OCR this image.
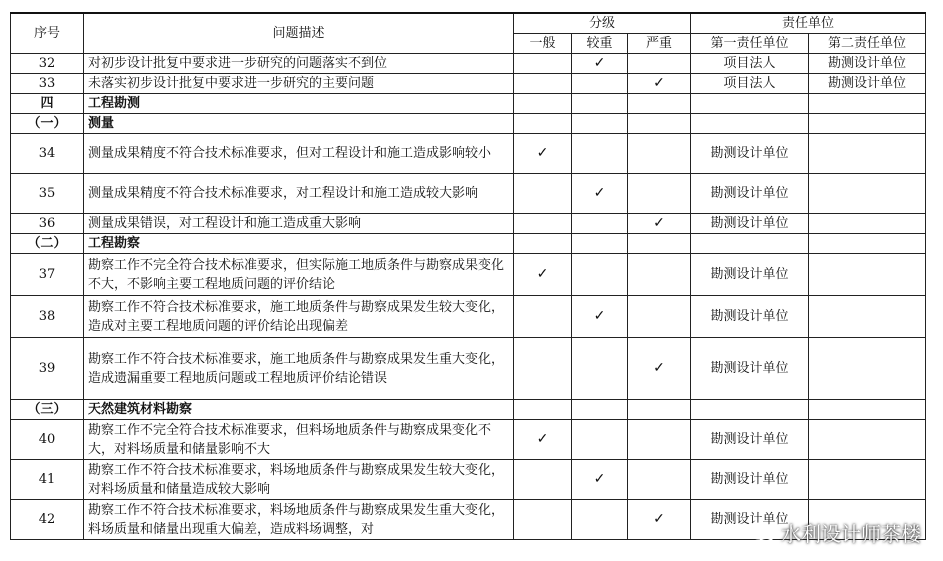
序号	问题描述	分级			责任单位	
		一般	较重	严重	第一责任单位	第二责任单位
32	对初步设计批复中要求进一步研究的问题落实不到位		✓		项目法人	勘测设计单位
33	未落实初步设计批复中要求进一步研究的主要问题			✓	项目法人	勘测设计单位
四	工程勘测					
（一）	测量					
34	测量成果精度不符合技术标准要求，但对工程设计和施工造成影响较小	✓			勘测设计单位	
35	测量成果精度不符合技术标准要求，对工程设计和施工造成较大影响		✓		勘测设计单位	
36	测量成果错误，对工程设计和施工造成重大影响			✓	勘测设计单位	
（二）	工程勘察					
37	勘察工作不完全符合技术标准要求，但实际施工地质条件与勘察成果变化不大，不影响主要工程地质问题的评价结论	✓			勘测设计单位	
38	勘察工作不符合技术标准要求，施工地质条件与勘察成果发生较大变化，造成对主要工程地质问题的评价结论出现偏差		✓		勘测设计单位	
39	勘察工作不符合技术标准要求，施工地质条件与勘察成果发生重大变化，造成遗漏重要工程地质问题或工程地质评价结论错误			✓	勘测设计单位	
（三）	天然建筑材料勘察					
40	勘察工作不完全符合技术标准要求，但料场地质条件与勘察成果变化不大，对料场质量和储量影响不大	✓			勘测设计单位	
41	勘察工作不符合技术标准要求，料场地质条件与勘察成果发生较大变化，对料场质量和储量造成较大影响		✓		勘测设计单位	
42	勘察工作不符合技术标准要求，料场地质条件与勘察成果发生重大变化，料场质量和储量出现重大偏差，造成料场调整，对			✓	勘测设计单位	
水利设计师茶楼
